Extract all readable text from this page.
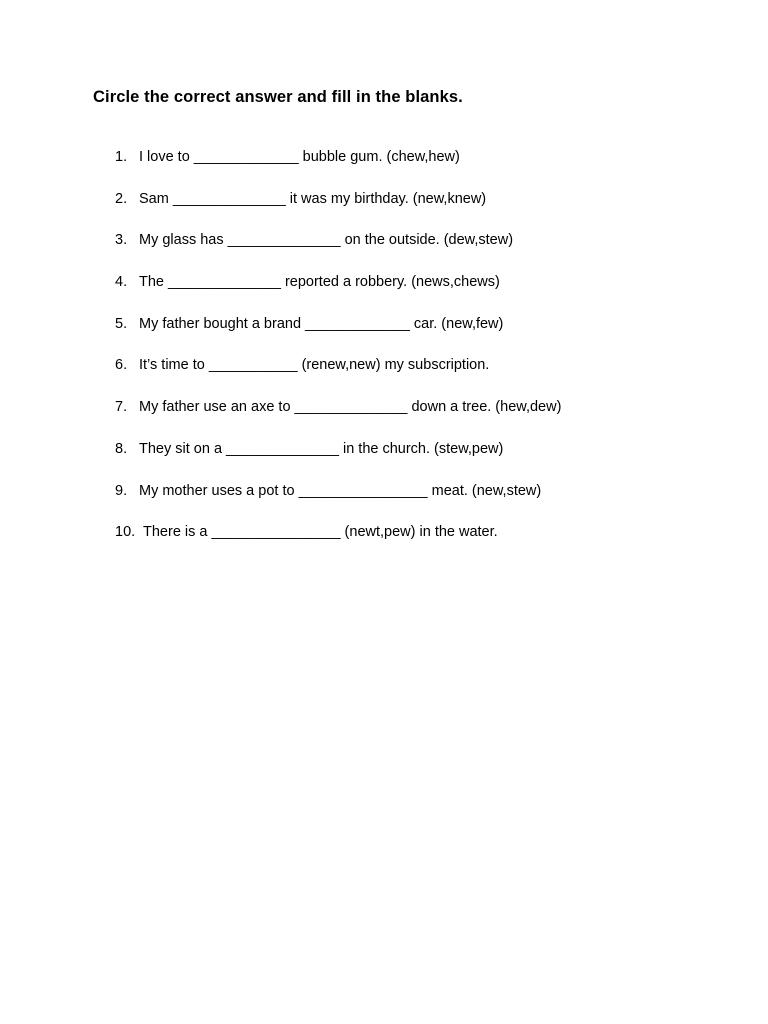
Circle the correct answer and fill in the blanks.
1. I love to _____________ bubble gum. (chew,hew)
2. Sam ______________ it was my birthday. (new,knew)
3. My glass has ______________ on the outside. (dew,stew)
4. The ______________ reported a robbery. (news,chews)
5. My father bought a brand _____________ car. (new,few)
6. It’s time to ___________ (renew,new) my subscription.
7. My father use an axe to ______________ down a tree. (hew,dew)
8. They sit on a ______________ in the church. (stew,pew)
9. My mother uses a pot to ________________ meat. (new,stew)
10. There is a ________________ (newt,pew) in the water.
